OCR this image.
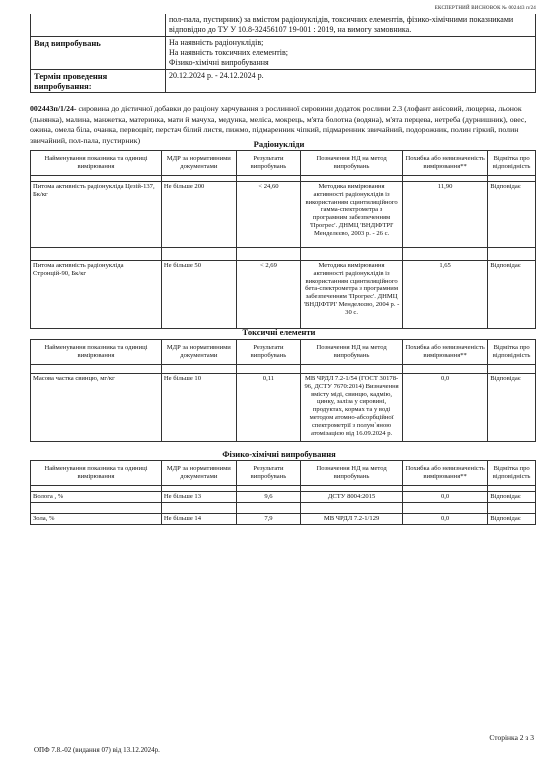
ЕКСПЕРТНИЙ ВИСНОВОК № 002443 п/24
	пол-пала, пустирник) за вмістом радіонуклідів, токсичних елементів, фізико-хімічними показниками відповідно до ТУ У 10.8-32456107 19-001 : 2019, на вимогу замовника.
Вид випробувань	На наявність радіонуклідів;
На наявність токсичних елементів;
Фізико-хімічні випробування

Термін проведення випробування:	20.12.2024 р. - 24.12.2024 р.
002443п/1/24- сировина до дієтичної добавки до раціону харчування з рослинної сировини додаток рослини 2.3 (лофант анісовий, люцерна, льонок (льнянка), малина, манжетка, материнка, мати й мачуха, медунка, меліса, мокрець, м'ята болотна (водяна), м'ята перцева, нетреба (дурнишник), овес, ожина, омела біла, очанка, первоцвіт, перстач білий листя, пижмо, підмаренник чіпкий, підмаренник звичайний, подорожник, полин гіркий, полин звичайний, пол-пала, пустирник)	Радіонукліди
Найменування показника та одиниці вимірювання	МДР за нормативними документами	Результати випробувань	Позначення НД на метод випробувань	Похибка або невизначеність вимірювання**	Відмітка про відповідність

Питома активність радіонукліда Цезій-137, Бк/кг	Не більше 200	< 24,60	Методика вимірювання активності радіонуклідів із використанням сцинтиляційного гамма-спектрометра з програмним забезпеченням 'Прогрес'. ДНМЦ 'ВНДІФТРІ' Менделєєво, 2003 р. - 26 с.	11,90	Відповідає

Питома активність радіонукліда Стронцій-90, Бк/кг	Не більше 50	< 2,69	Методика вимірювання активності радіонуклідів із використанням сцинтиляційного бета-спектрометра з програмним забезпеченням 'Прогрес'. ДНМЦ 'ВНДІФТРІ' Менделєєво, 2004 р. - 30 с.	1,65	Відповідає
Токсичні елементи
Найменування показника та одиниці вимірювання	МДР за нормативними документами	Результати випробувань	Позначення НД на метод випробувань	Похибка або невизначеність вимірювання**	Відмітка про відповідність

Масова частка свинцю, мг/кг	Не більше 10	0,11	МВ ЧРДЛ 7.2-1/54 (ГОСТ 30178-96, ДСТУ 7670:2014) Визначення вмісту міді, свинцю, кадмію, цинку, заліза у сировині, продуктах, кормах та у воді методом атомно-абсорбційної спектрометрії з полум`яною атомізацією від 16.09.2024 р.	0,0	Відповідає
Фізико-хімічні випробування
Найменування показника та одиниці вимірювання	МДР за нормативними документами	Результати випробувань	Позначення НД на метод випробувань	Похибка або невизначеність вимірювання**	Відмітка про відповідність

Волога , %	Не більше 13	9,6	ДСТУ 8004:2015	0,0	Відповідає

Зола, %	Не більше 14	7,9	МВ ЧРДЛ 7.2-1/129	0,0	Відповідає
Сторінка 2 з 3
ОПФ 7.8.-02 (видання 07) від 13.12.2024р.
